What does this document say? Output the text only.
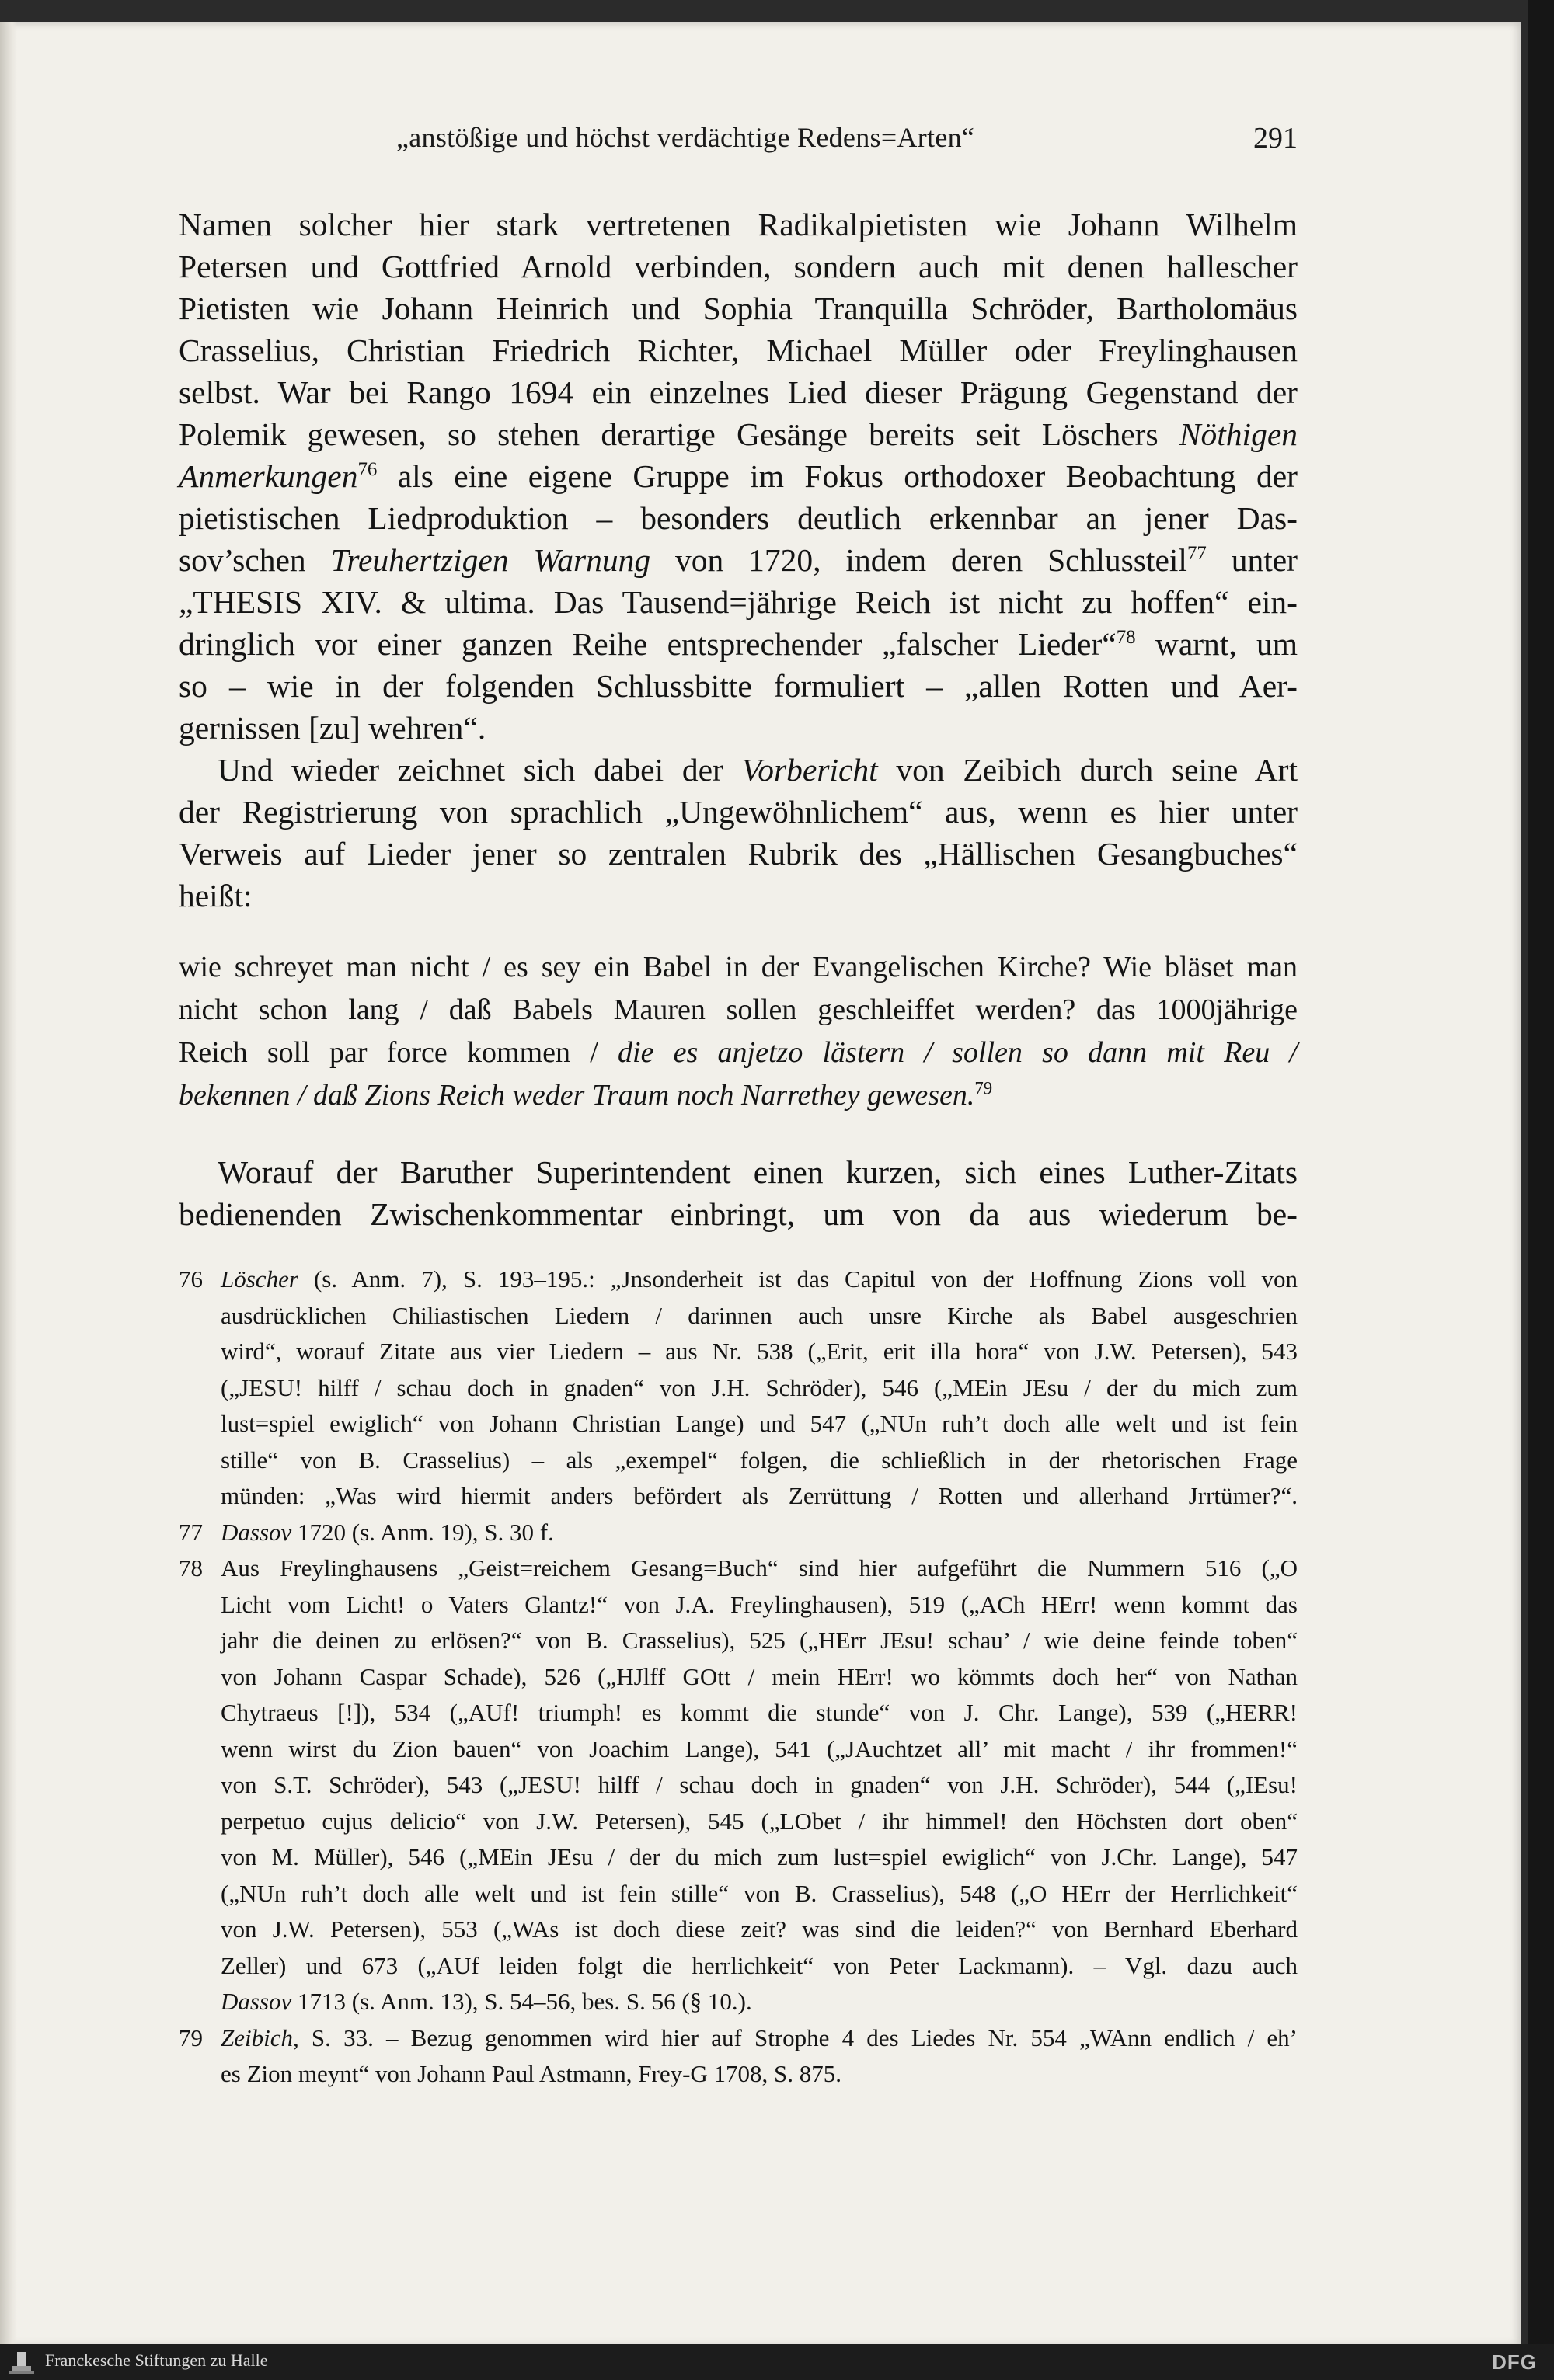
„anstößige und höchst verdächtige Redens=Arten“	291
Namen solcher hier stark vertretenen Radikalpietisten wie Johann Wilhelm
Petersen und Gottfried Arnold verbinden, sondern auch mit denen hallescher
Pietisten wie Johann Heinrich und Sophia Tranquilla Schröder, Bartholomäus
Crasselius, Christian Friedrich Richter, Michael Müller oder Freylinghausen
selbst. War bei Rango 1694 ein einzelnes Lied dieser Prägung Gegenstand der
Polemik gewesen, so stehen derartige Gesänge bereits seit Löschers Nöthigen
Anmerkungen$^{76}$ als eine eigene Gruppe im Fokus orthodoxer Beobachtung der
pietistischen Liedproduktion – besonders deutlich erkennbar an jener Das-
sov’schen Treuhertzigen Warnung von 1720, indem deren Schlussteil$^{77}$ unter
„THESIS XIV. & ultima. Das Tausend=jährige Reich ist nicht zu hoffen“ ein-
dringlich vor einer ganzen Reihe entsprechender „falscher Lieder“$^{78}$ warnt, um
so – wie in der folgenden Schlussbitte formuliert – „allen Rotten und Aer-
gernissen [zu] wehren“.
Und wieder zeichnet sich dabei der Vorbericht von Zeibich durch seine Art
der Registrierung von sprachlich „Ungewöhnlichem“ aus, wenn es hier unter
Verweis auf Lieder jener so zentralen Rubrik des „Hällischen Gesangbuches“
heißt:
wie schreyet man nicht / es sey ein Babel in der Evangelischen Kirche? Wie bläset man
nicht schon lang / daß Babels Mauren sollen geschleiffet werden? das 1000jährige
Reich soll par force kommen / die es anjetzo lästern / sollen so dann mit Reu /
bekennen / daß Zions Reich weder Traum noch Narrethey gewesen.$^{79}$
Worauf der Baruther Superintendent einen kurzen, sich eines Luther-Zitats
bedienenden Zwischenkommentar einbringt, um von da aus wiederum be-
76 Löscher (s. Anm. 7), S. 193–195.: „Jnsonderheit ist das Capitul von der Hoffnung Zions voll von
ausdrücklichen Chiliastischen Liedern / darinnen auch unsre Kirche als Babel ausgeschrien
wird“, worauf Zitate aus vier Liedern – aus Nr. 538 („Erit, erit illa hora“ von J.W. Petersen), 543
(„JESU! hilff / schau doch in gnaden“ von J.H. Schröder), 546 („MEin JEsu / der du mich zum
lust=spiel ewiglich“ von Johann Christian Lange) und 547 („NUn ruh’t doch alle welt und ist fein
stille“ von B. Crasselius) – als „exempel“ folgen, die schließlich in der rhetorischen Frage
münden: „Was wird hiermit anders befördert als Zerrüttung / Rotten und allerhand Jrrtümer?“.
77 Dassov 1720 (s. Anm. 19), S. 30 f.
78 Aus Freylinghausens „Geist=reichem Gesang=Buch“ sind hier aufgeführt die Nummern 516 („O
Licht vom Licht! o Vaters Glantz!“ von J.A. Freylinghausen), 519 („ACh HErr! wenn kommt das
jahr die deinen zu erlösen?“ von B. Crasselius), 525 („HErr JEsu! schau’ / wie deine feinde toben“
von Johann Caspar Schade), 526 („HJlff GOtt / mein HErr! wo kömmts doch her“ von Nathan
Chytraeus [!]), 534 („AUf! triumph! es kommt die stunde“ von J. Chr. Lange), 539 („HERR!
wenn wirst du Zion bauen“ von Joachim Lange), 541 („JAuchtzet all’ mit macht / ihr frommen!“
von S.T. Schröder), 543 („JESU! hilff / schau doch in gnaden“ von J.H. Schröder), 544 („IEsu!
perpetuo cujus delicio“ von J.W. Petersen), 545 („LObet / ihr himmel! den Höchsten dort oben“
von M. Müller), 546 („MEin JEsu / der du mich zum lust=spiel ewiglich“ von J.Chr. Lange), 547
(„NUn ruh’t doch alle welt und ist fein stille“ von B. Crasselius), 548 („O HErr der Herrlichkeit“
von J.W. Petersen), 553 („WAs ist doch diese zeit? was sind die leiden?“ von Bernhard Eberhard
Zeller) und 673 („AUf leiden folgt die herrlichkeit“ von Peter Lackmann). – Vgl. dazu auch
Dassov 1713 (s. Anm. 13), S. 54–56, bes. S. 56 (§ 10.).
79 Zeibich, S. 33. – Bezug genommen wird hier auf Strophe 4 des Liedes Nr. 554 „WAnn endlich / eh’
es Zion meynt“ von Johann Paul Astmann, Frey-G 1708, S. 875.
Franckesche Stiftungen zu Halle	DFG
